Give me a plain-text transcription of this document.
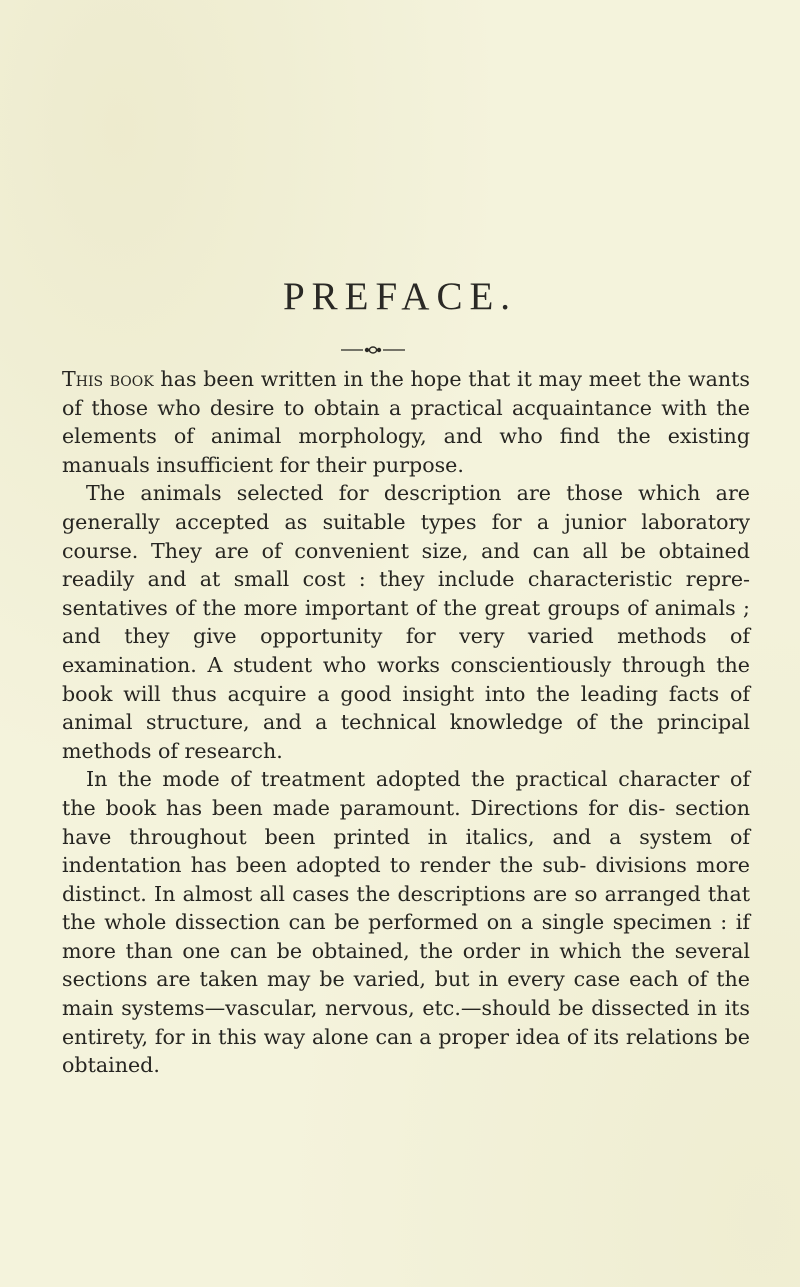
PREFACE.

This book has been written in the hope that it may meet the wants of those who desire to obtain a practical acquaintance with the elements of animal morphology, and who find the existing manuals insufficient for their purpose.

The animals selected for description are those which are generally accepted as suitable types for a junior laboratory course. They are of convenient size, and can all be obtained readily and at small cost : they include characteristic repre- sentatives of the more important of the great groups of animals ; and they give opportunity for very varied methods of examination. A student who works conscientiously through the book will thus acquire a good insight into the leading facts of animal structure, and a technical knowledge of the principal methods of research.

In the mode of treatment adopted the practical character of the book has been made paramount. Directions for dis- section have throughout been printed in italics, and a system of indentation has been adopted to render the sub- divisions more distinct. In almost all cases the descriptions are so arranged that the whole dissection can be performed on a single specimen : if more than one can be obtained, the order in which the several sections are taken may be varied, but in every case each of the main systems—vascular, nervous, etc.—should be dissected in its entirety, for in this way alone can a proper idea of its relations be obtained.
